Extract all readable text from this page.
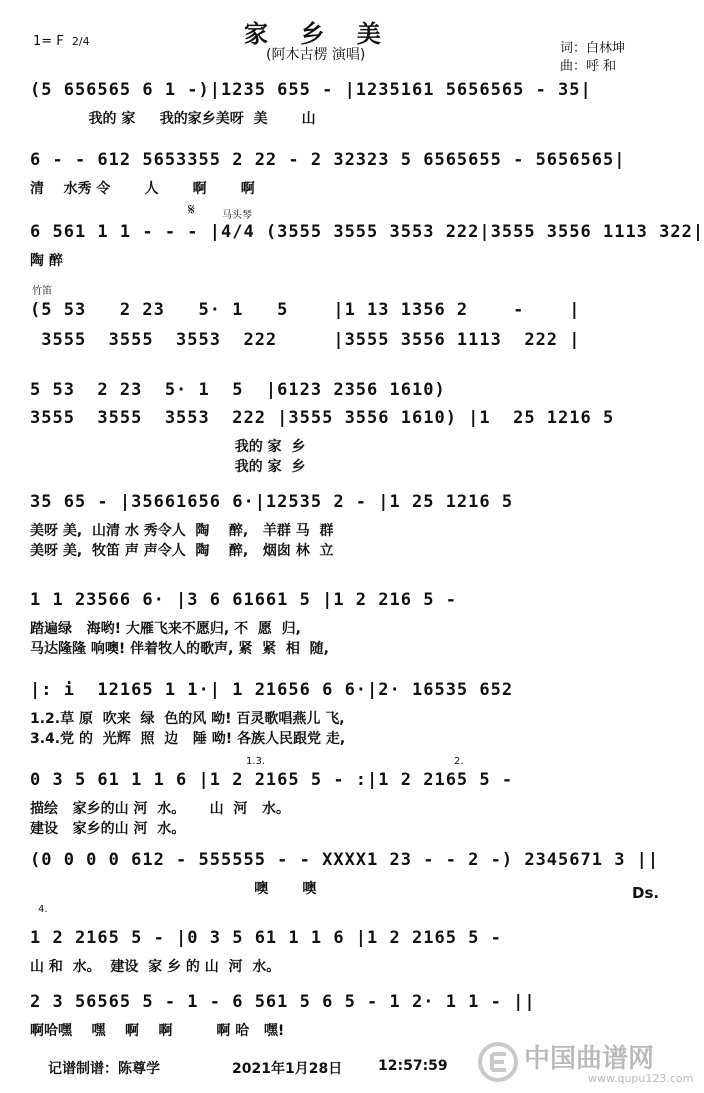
家 乡 美
(阿木古楞 演唱)
1= F 2/4	词：白林坤
曲：呼 和
(5 656565 6 1 -)|1235 655 - |1235161 5656565 - 35|
我的 家     我的家乡美呀  美       山
6 - - 612 5653355 2 22 - 2 32323 5 6565655 - 5656565|
清    水秀 令       人       啊       啊
6 561 1 1 - - - |4/4 (3555 3555 3553 222|3555 3556 1113 322|
陶 醉
(5 53   2 23   5· 1   5    |1 13 1356 2    -    |
3555  3555  3553  222     |3555 3556 1113  222 |
5 53  2 23  5· 1  5  |6123 2356 1610)
3555  3555  3553  222 |3555 3556 1610) |1  25 1216 5
我的 家  乡
我的 家  乡
35 65 - |35661656 6·|12535 2 - |1 25 1216 5
美呀 美,  山清 水 秀令人  陶    醉,   羊群 马  群
美呀 美,  牧笛 声 声令人  陶    醉,   烟囱 林  立
1 1 23566 6· |3 6 61661 5 |1 2 216 5 -
踏遍绿   海哟! 大雁飞来不愿归, 不  愿  归,
马达隆隆 响噢! 伴着牧人的歌声, 紧  紧  相  随,
|: i  12165 1 1·| 1 21656 6 6·|2· 16535 652
1.2.草 原  吹来  绿  色的风 呦! 百灵歌唱燕儿 飞,
3.4.党 的  光辉  照  边   陲 呦! 各族人民跟党 走,
0 3 5 61 1 1 6 |1 2 2165 5 - :|1 2 2165 5 -
描绘   家乡的山 河  水。     山  河   水。
建设   家乡的山 河  水。
(0 0 0 0 612 - 555555 - - XXXX1 23 - - 2 -) 2345671 3 ||
噢       噢
1 2 2165 5 - |0 3 5 61 1 1 6 |1 2 2165 5 -
山 和  水。  建设  家 乡 的 山  河  水。
2 3 56565 5 - 1 - 6 561 5 6 5 - 1 2· 1 1 - ||
啊哈嘿    嘿    啊    啊         啊 哈   嘿!
马头琴
竹笛
𝄋
Ds.
1.3.	2.
4.
记谱制谱：陈尊学	2021年1月28日	12:57:59	中国曲谱网
www.qupu123.com
